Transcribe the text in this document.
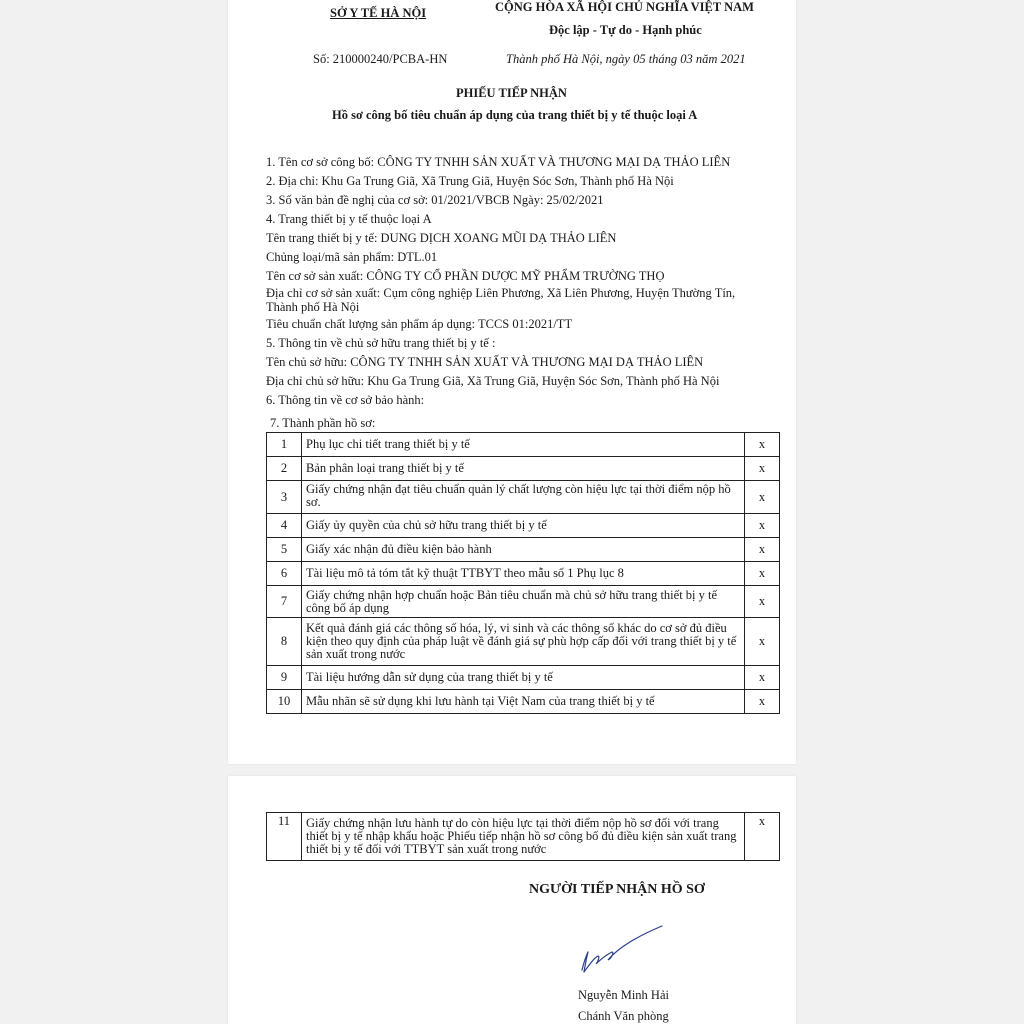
SỞ Y TẾ HÀ NỘI	CỘNG HÒA XÃ HỘI CHỦ NGHĨA VIỆT NAM
Độc lập - Tự do - Hạnh phúc
Số: 210000240/PCBA-HN	Thành phố Hà Nội, ngày 05 tháng 03 năm 2021
PHIẾU TIẾP NHẬN
Hồ sơ công bố tiêu chuẩn áp dụng của trang thiết bị y tế thuộc loại A
1. Tên cơ sở công bố: CÔNG TY TNHH SẢN XUẤT VÀ THƯƠNG MẠI DẠ THẢO LIÊN
2. Địa chỉ: Khu Ga Trung Giã, Xã Trung Giã, Huyện Sóc Sơn, Thành phố Hà Nội
3. Số văn bản đề nghị của cơ sở: 01/2021/VBCB Ngày: 25/02/2021
4. Trang thiết bị y tế thuộc loại A
Tên trang thiết bị y tế: DUNG DỊCH XOANG MŨI DẠ THẢO LIÊN
Chủng loại/mã sản phẩm: DTL.01
Tên cơ sở sản xuất: CÔNG TY CỔ PHẦN DƯỢC MỸ PHẨM TRƯỜNG THỌ
Địa chỉ cơ sở sản xuất: Cụm công nghiệp Liên Phương, Xã Liên Phương, Huyện Thường Tín,
Thành phố Hà Nội
Tiêu chuẩn chất lượng sản phẩm áp dụng: TCCS 01:2021/TT
5. Thông tin về chủ sở hữu trang thiết bị y tế :
Tên chủ sở hữu: CÔNG TY TNHH SẢN XUẤT VÀ THƯƠNG MẠI DẠ THẢO LIÊN
Địa chỉ chủ sở hữu: Khu Ga Trung Giã, Xã Trung Giã, Huyện Sóc Sơn, Thành phố Hà Nội
6. Thông tin về cơ sở bảo hành:
7. Thành phần hồ sơ:
1	Phụ lục chi tiết trang thiết bị y tế	x
2	Bản phân loại trang thiết bị y tế	x
3	Giấy chứng nhận đạt tiêu chuẩn quản lý chất lượng còn hiệu lực tại thời điểm nộp hồ sơ.	x
4	Giấy ủy quyền của chủ sở hữu trang thiết bị y tế	x
5	Giấy xác nhận đủ điều kiện bảo hành	x
6	Tài liệu mô tả tóm tắt kỹ thuật TTBYT theo mẫu số 1 Phụ lục 8	x
7	Giấy chứng nhận hợp chuẩn hoặc Bản tiêu chuẩn mà chủ sở hữu trang thiết bị y tế công bố áp dụng	x
8	Kết quả đánh giá các thông số hóa, lý, vi sinh và các thông số khác do cơ sở đủ điều kiện theo quy định của pháp luật về đánh giá sự phù hợp cấp đối với trang thiết bị y tế sản xuất trong nước	x
9	Tài liệu hướng dẫn sử dụng của trang thiết bị y tế	x
10	Mẫu nhãn sẽ sử dụng khi lưu hành tại Việt Nam của trang thiết bị y tế	x
11	Giấy chứng nhận lưu hành tự do còn hiệu lực tại thời điểm nộp hồ sơ đối với trang thiết bị y tế nhập khẩu hoặc Phiếu tiếp nhận hồ sơ công bố đủ điều kiện sản xuất trang thiết bị y tế đối với TTBYT sản xuất trong nước	x
NGƯỜI TIẾP NHẬN HỒ SƠ
Nguyễn Minh Hải
Chánh Văn phòng
